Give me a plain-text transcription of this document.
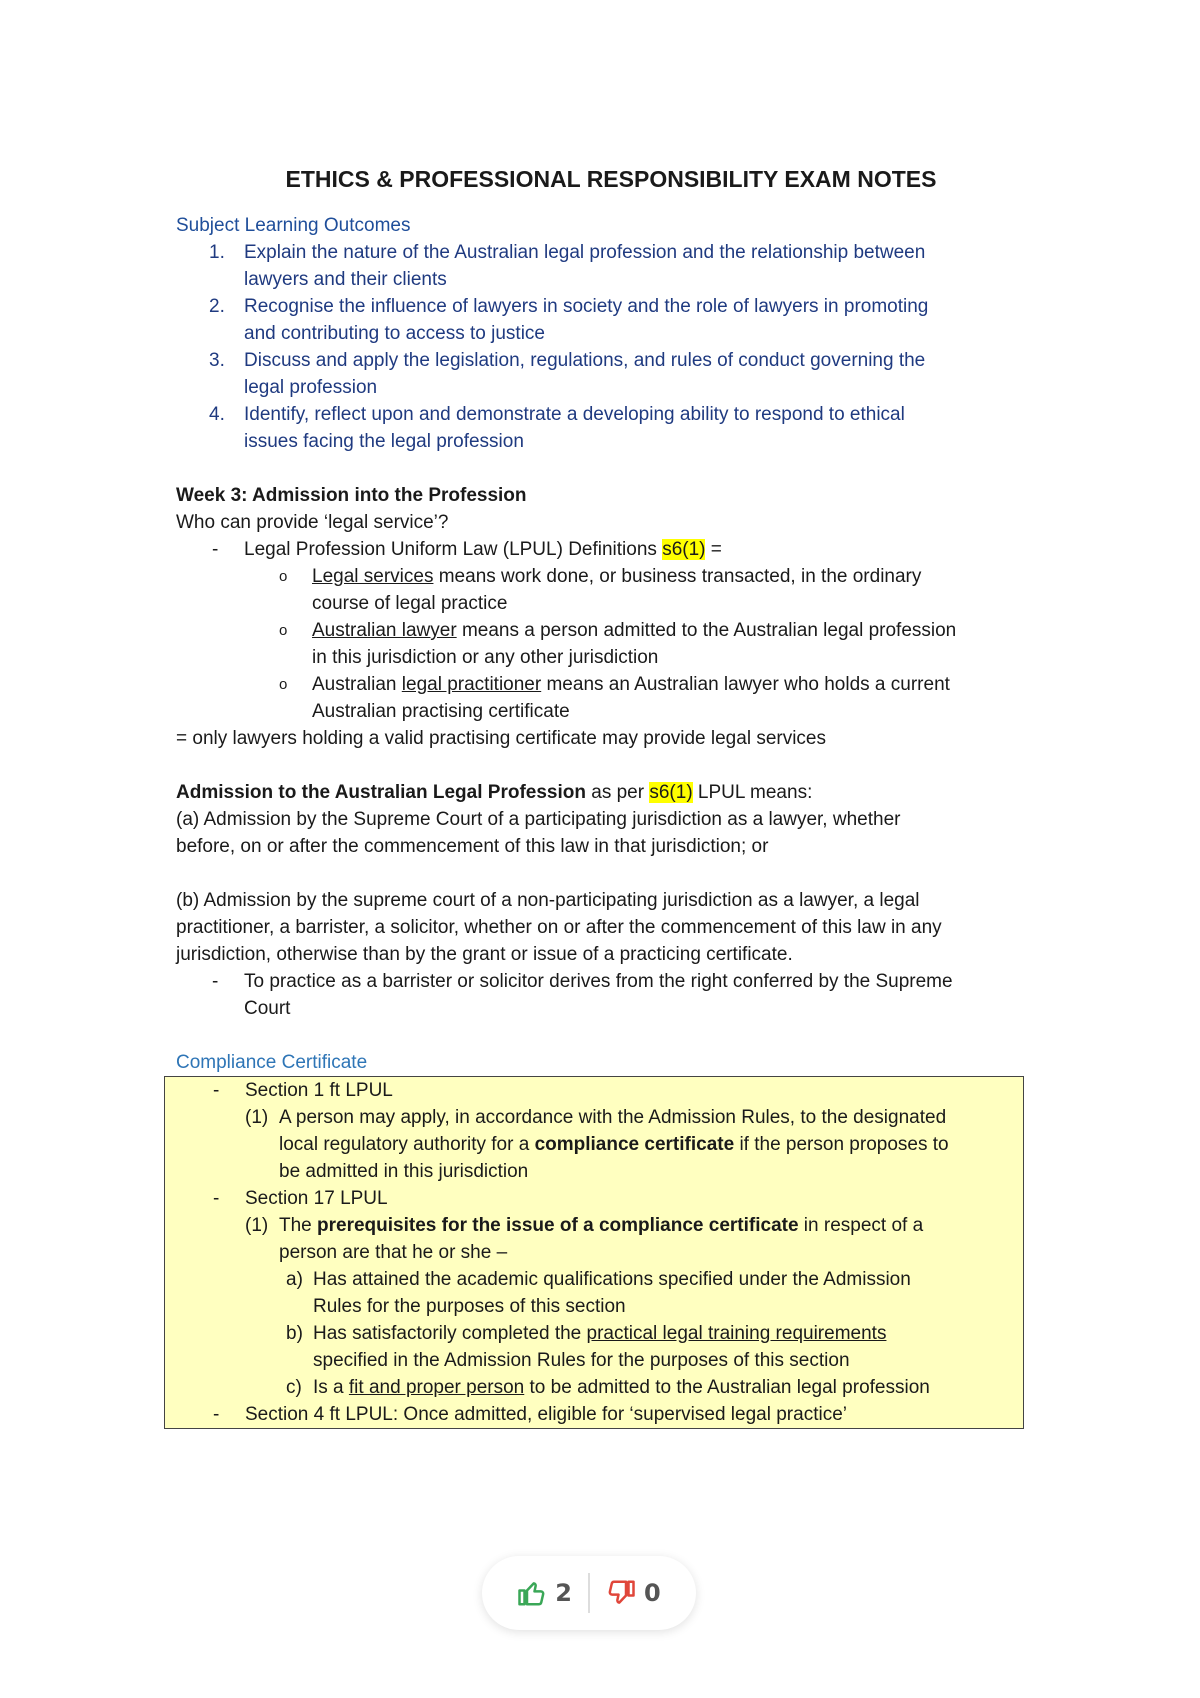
ETHICS & PROFESSIONAL RESPONSIBILITY EXAM NOTES

Subject Learning Outcomes

1. Explain the nature of the Australian legal profession and the relationship between
lawyers and their clients
2. Recognise the influence of lawyers in society and the role of lawyers in promoting
and contributing to access to justice
3. Discuss and apply the legislation, regulations, and rules of conduct governing the
legal profession
4. Identify, reflect upon and demonstrate a developing ability to respond to ethical
issues facing the legal profession

Week 3: Admission into the Profession

Who can provide ‘legal service’?

- Legal Profession Uniform Law (LPUL) Definitions s6(1) =
o Legal services means work done, or business transacted, in the ordinary
course of legal practice
o Australian lawyer means a person admitted to the Australian legal profession
in this jurisdiction or any other jurisdiction
o Australian legal practitioner means an Australian lawyer who holds a current
Australian practising certificate

= only lawyers holding a valid practising certificate may provide legal services

Admission to the Australian Legal Profession as per s6(1) LPUL means:

(a) Admission by the Supreme Court of a participating jurisdiction as a lawyer, whether
before, on or after the commencement of this law in that jurisdiction; or

(b) Admission by the supreme court of a non-participating jurisdiction as a lawyer, a legal
practitioner, a barrister, a solicitor, whether on or after the commencement of this law in any
jurisdiction, otherwise than by the grant or issue of a practicing certificate.

- To practice as a barrister or solicitor derives from the right conferred by the Supreme
Court

Compliance Certificate

- Section 1 ft LPUL
(1) A person may apply, in accordance with the Admission Rules, to the designated
local regulatory authority for a compliance certificate if the person proposes to
be admitted in this jurisdiction
- Section 17 LPUL
(1) The prerequisites for the issue of a compliance certificate in respect of a
person are that he or she –
a) Has attained the academic qualifications specified under the Admission
Rules for the purposes of this section
b) Has satisfactorily completed the practical legal training requirements
specified in the Admission Rules for the purposes of this section
c) Is a fit and proper person to be admitted to the Australian legal profession
- Section 4 ft LPUL: Once admitted, eligible for ‘supervised legal practice’
2	0
